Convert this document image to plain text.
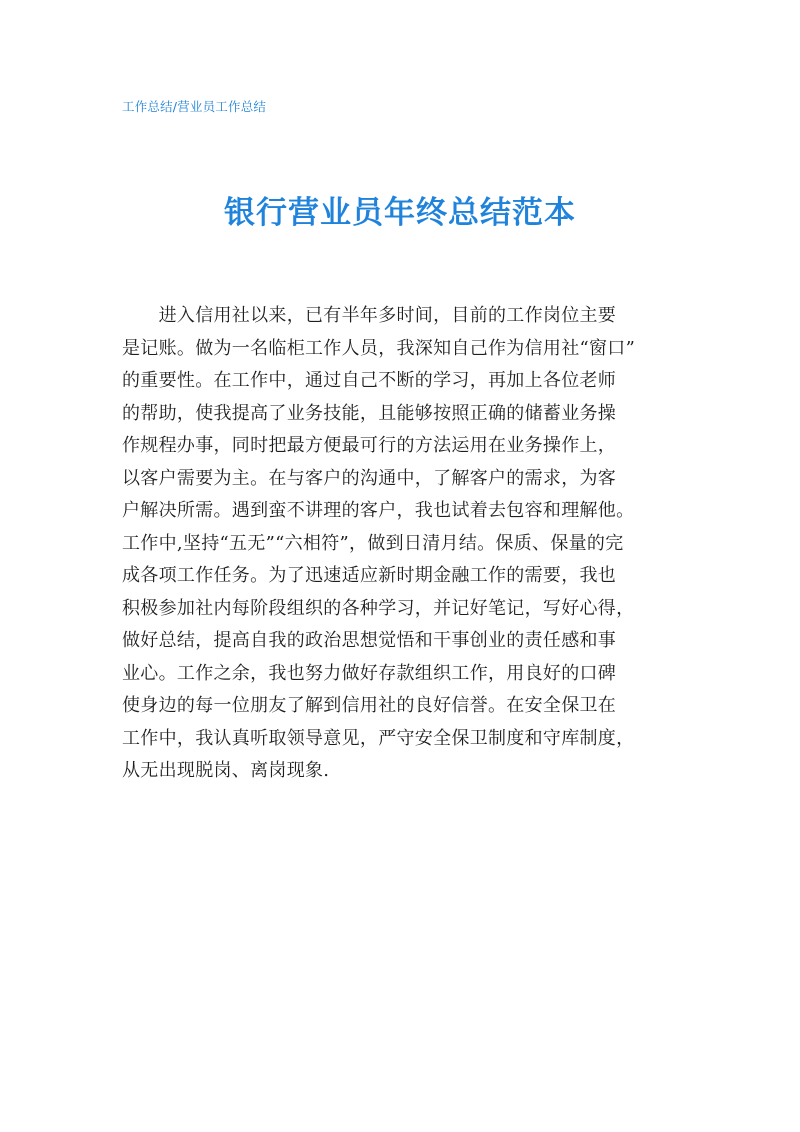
工作总结/营业员工作总结
银行营业员年终总结范本
　　进入信用社以来，已有半年多时间，目前的工作岗位主要
是记账。做为一名临柜工作人员，我深知自己作为信用社“窗口”
的重要性。在工作中，通过自己不断的学习，再加上各位老师
的帮助，使我提高了业务技能，且能够按照正确的储蓄业务操
作规程办事，同时把最方便最可行的方法运用在业务操作上，
以客户需要为主。在与客户的沟通中，了解客户的需求，为客
户解决所需。遇到蛮不讲理的客户，我也试着去包容和理解他。
工作中,坚持“五无”“六相符”，做到日清月结。保质、保量的完
成各项工作任务。为了迅速适应新时期金融工作的需要，我也
积极参加社内每阶段组织的各种学习，并记好笔记，写好心得，
做好总结，提高自我的政治思想觉悟和干事创业的责任感和事
业心。工作之余，我也努力做好存款组织工作，用良好的口碑
使身边的每一位朋友了解到信用社的良好信誉。在安全保卫在
工作中，我认真听取领导意见，严守安全保卫制度和守库制度，
从无出现脱岗、离岗现象.
